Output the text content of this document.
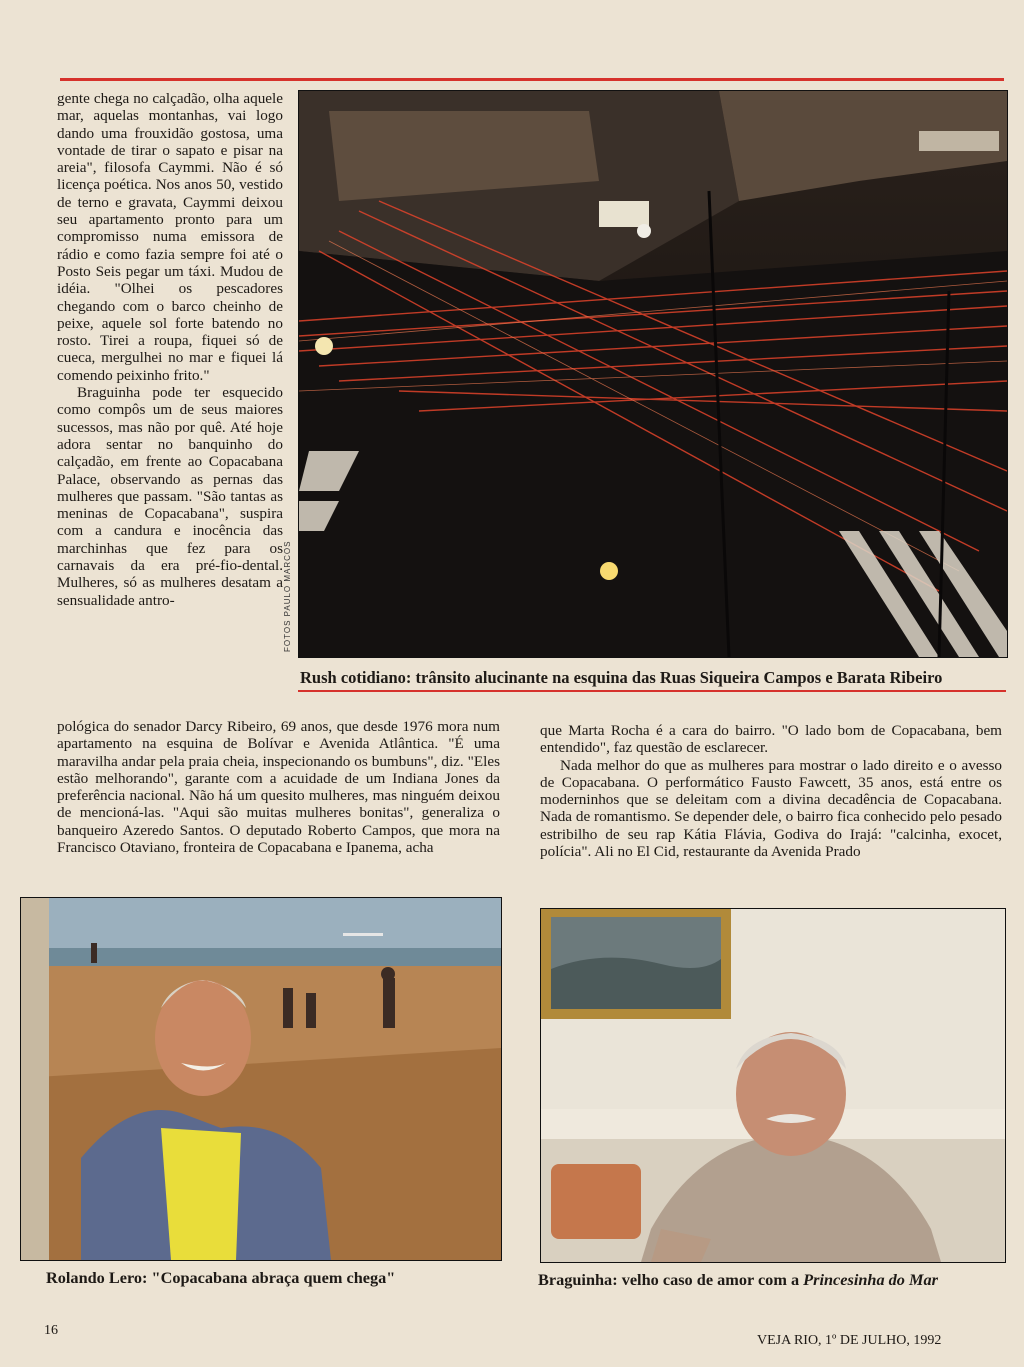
gente chega no calçadão, olha aquele mar, aquelas montanhas, vai logo dando uma frouxidão gostosa, uma vontade de tirar o sapato e pisar na areia", filosofa Caymmi. Não é só licença poética. Nos anos 50, vestido de terno e gravata, Caymmi deixou seu apartamento pronto para um compromisso numa emissora de rádio e como fazia sempre foi até o Posto Seis pegar um táxi. Mudou de idéia. "Olhei os pescadores chegando com o barco cheinho de peixe, aquele sol forte batendo no rosto. Tirei a roupa, fiquei só de cueca, mergulhei no mar e fiquei lá comendo peixinho frito."

Braguinha pode ter esquecido como compôs um de seus maiores sucessos, mas não por quê. Até hoje adora sentar no banquinho do calçadão, em frente ao Copacabana Palace, observando as pernas das mulheres que passam. "São tantas as meninas de Copacabana", suspira com a candura e inocência das marchinhas que fez para os carnavais da era pré-fio-dental. Mulheres, só as mulheres desatam a sensualidade antro-	FOTOS PAULO MARCOS
Rush cotidiano: trânsito alucinante na esquina das Ruas Siqueira Campos e Barata Ribeiro

pológica do senador Darcy Ribeiro, 69 anos, que desde 1976 mora num apartamento na esquina de Bolívar e Avenida Atlântica. "É uma maravilha andar pela praia cheia, inspecionando os bumbuns", diz. "Eles estão melhorando", garante com a acuidade de um Indiana Jones da preferência nacional. Não há um quesito mulheres, mas ninguém deixou de mencioná-las. "Aqui são muitas mulheres bonitas", generaliza o banqueiro Azeredo Santos. O deputado Roberto Campos, que mora na Francisco Otaviano, fronteira de Copacabana e Ipanema, acha

que Marta Rocha é a cara do bairro. "O lado bom de Copacabana, bem entendido", faz questão de esclarecer.

Nada melhor do que as mulheres para mostrar o lado direito e o avesso de Copacabana. O performático Fausto Fawcett, 35 anos, está entre os moderninhos que se deleitam com a divina decadência de Copacabana. Nada de romantismo. Se depender dele, o bairro fica conhecido pelo pesado estribilho de seu rap Kátia Flávia, Godiva do Irajá: "calcinha, exocet, polícia". Ali no El Cid, restaurante da Avenida Prado

Rolando Lero: "Copacabana abraça quem chega"	Braguinha: velho caso de amor com a Princesinha do Mar
16
VEJA RIO, 1º DE JULHO, 1992
